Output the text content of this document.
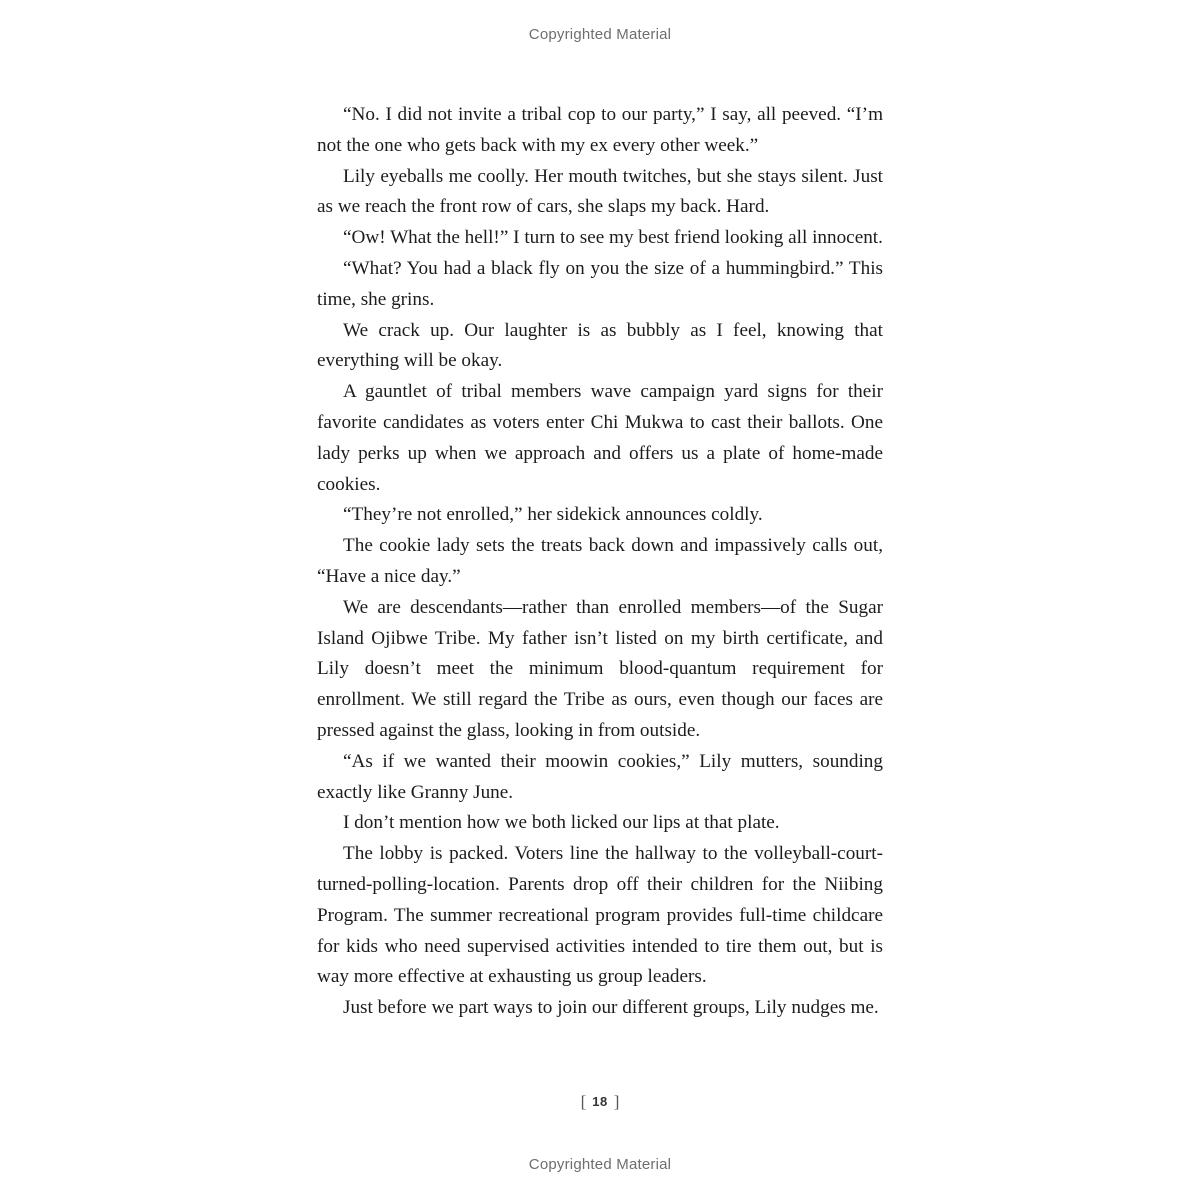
Copyrighted Material

“No. I did not invite a tribal cop to our party,” I say, all peeved. “I’m not the one who gets back with my ex every other week.”

Lily eyeballs me coolly. Her mouth twitches, but she stays silent. Just as we reach the front row of cars, she slaps my back. Hard.

“Ow! What the hell!” I turn to see my best friend looking all innocent.

“What? You had a black fly on you the size of a hummingbird.” This time, she grins.

We crack up. Our laughter is as bubbly as I feel, knowing that everything will be okay.

A gauntlet of tribal members wave campaign yard signs for their favorite candidates as voters enter Chi Mukwa to cast their ballots. One lady perks up when we approach and offers us a plate of home-made cookies.

“They’re not enrolled,” her sidekick announces coldly.

The cookie lady sets the treats back down and impassively calls out, “Have a nice day.”

We are descendants—rather than enrolled members—of the Sugar Island Ojibwe Tribe. My father isn’t listed on my birth certificate, and Lily doesn’t meet the minimum blood-quantum requirement for enrollment. We still regard the Tribe as ours, even though our faces are pressed against the glass, looking in from outside.

“As if we wanted their moowin cookies,” Lily mutters, sounding exactly like Granny June.

I don’t mention how we both licked our lips at that plate.

The lobby is packed. Voters line the hallway to the volleyball-court-turned-polling-location. Parents drop off their children for the Niibing Program. The summer recreational program provides full-time childcare for kids who need supervised activities intended to tire them out, but is way more effective at exhausting us group leaders.

Just before we part ways to join our different groups, Lily nudges me.

[ 18 ]
Copyrighted Material
